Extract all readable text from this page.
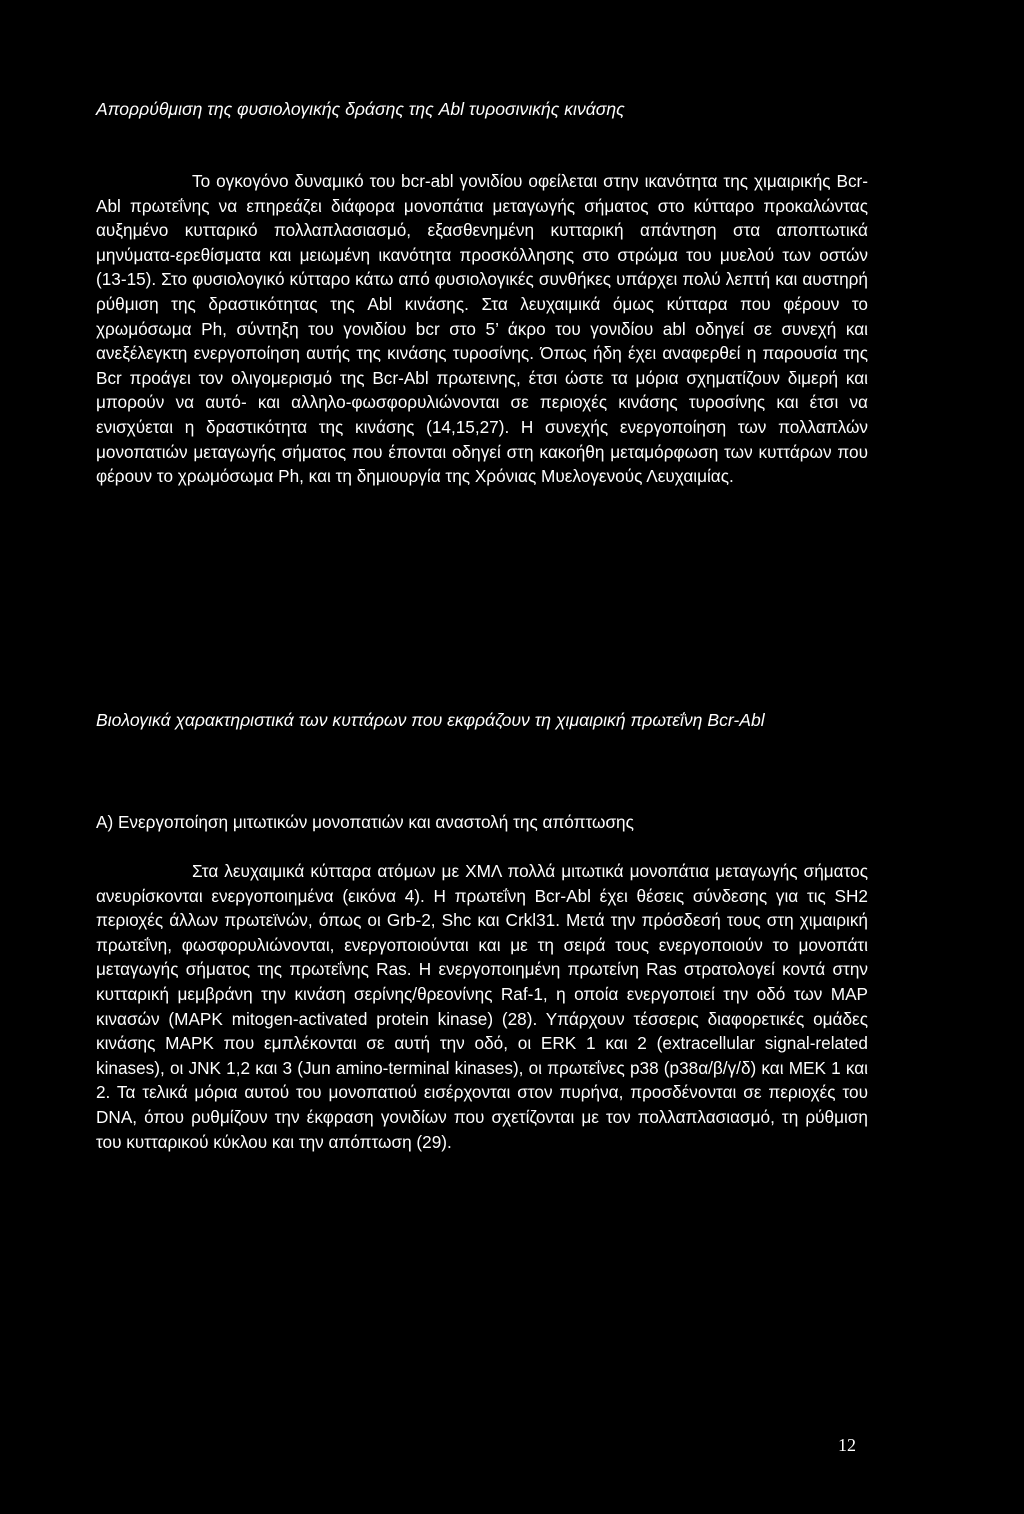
Απορρύθμιση της φυσιολογικής δράσης της Abl τυροσινικής κινάσης

Το ογκογόνο δυναμικό του bcr-abl γονιδίου οφείλεται στην ικανότητα της χιμαιρικής Bcr-Abl πρωτεΐνης να επηρεάζει διάφορα μονοπάτια μεταγωγής σήματος στο κύτταρο προκαλώντας αυξημένο κυτταρικό πολλαπλασιασμό, εξασθενημένη κυτταρική απάντηση στα αποπτωτικά μηνύματα-ερεθίσματα και μειωμένη ικανότητα προσκόλλησης στο στρώμα του μυελού των οστών (13-15). Στο φυσιολογικό κύτταρο κάτω από φυσιολογικές συνθήκες υπάρχει πολύ λεπτή και αυστηρή ρύθμιση της δραστικότητας της Abl κινάσης. Στα λευχαιμικά όμως κύτταρα που φέρουν το χρωμόσωμα Ph, σύντηξη του γονιδίου bcr στο 5’ άκρο του γονιδίου abl οδηγεί σε συνεχή και ανεξέλεγκτη ενεργοποίηση αυτής της κινάσης τυροσίνης. Όπως ήδη έχει αναφερθεί η παρουσία της Bcr προάγει τον ολιγομερισμό της Bcr-Abl πρωτεινης, έτσι ώστε τα μόρια σχηματίζουν διμερή και μπορούν να αυτό- και αλληλο-φωσφορυλιώνονται σε περιοχές κινάσης τυροσίνης και έτσι να ενισχύεται η δραστικότητα της κινάσης (14,15,27). Η συνεχής ενεργοποίηση των πολλαπλών μονοπατιών μεταγωγής σήματος που έπονται οδηγεί στη κακοήθη μεταμόρφωση των κυττάρων που φέρουν το χρωμόσωμα Ph, και τη δημιουργία της Χρόνιας Μυελογενούς Λευχαιμίας.

Βιολογικά χαρακτηριστικά των κυττάρων που εκφράζουν τη χιμαιρική πρωτεΐνη Bcr-Abl
Α) Ενεργοποίηση μιτωτικών μονοπατιών και αναστολή της απόπτωσης

Στα λευχαιμικά κύτταρα ατόμων με ΧΜΛ πολλά μιτωτικά μονοπάτια μεταγωγής σήματος ανευρίσκονται ενεργοποιημένα (εικόνα 4). Η πρωτεΐνη Bcr-Abl έχει θέσεις σύνδεσης για τις SH2 περιοχές άλλων πρωτεϊνών, όπως οι Grb-2, Shc και Crkl31. Μετά την πρόσδεσή τους στη χιμαιρική πρωτεΐνη, φωσφορυλιώνονται, ενεργοποιούνται και με τη σειρά τους ενεργοποιούν το μονοπάτι μεταγωγής σήματος της πρωτεΐνης Ras. Η ενεργοποιημένη πρωτείνη Ras στρατολογεί κοντά στην κυτταρική μεμβράνη την κινάση σερίνης/θρεονίνης Raf-1, η οποία ενεργοποιεί την οδό των MAP κινασών (MAPK mitogen-activated protein kinase) (28). Υπάρχουν τέσσερις διαφορετικές ομάδες κινάσης MAPK που εμπλέκονται σε αυτή την οδό, οι ERK 1 και 2 (extracellular signal-related kinases), οι JNK 1,2 και 3 (Jun amino-terminal kinases), οι πρωτεΐνες p38 (p38α/β/γ/δ) και MEK 1 και 2. Τα τελικά μόρια αυτού του μονοπατιού εισέρχονται στον πυρήνα, προσδένονται σε περιοχές του DNA, όπου ρυθμίζουν την έκφραση γονιδίων που σχετίζονται με τον πολλαπλασιασμό, τη ρύθμιση του κυτταρικού κύκλου και την απόπτωση (29).

12
